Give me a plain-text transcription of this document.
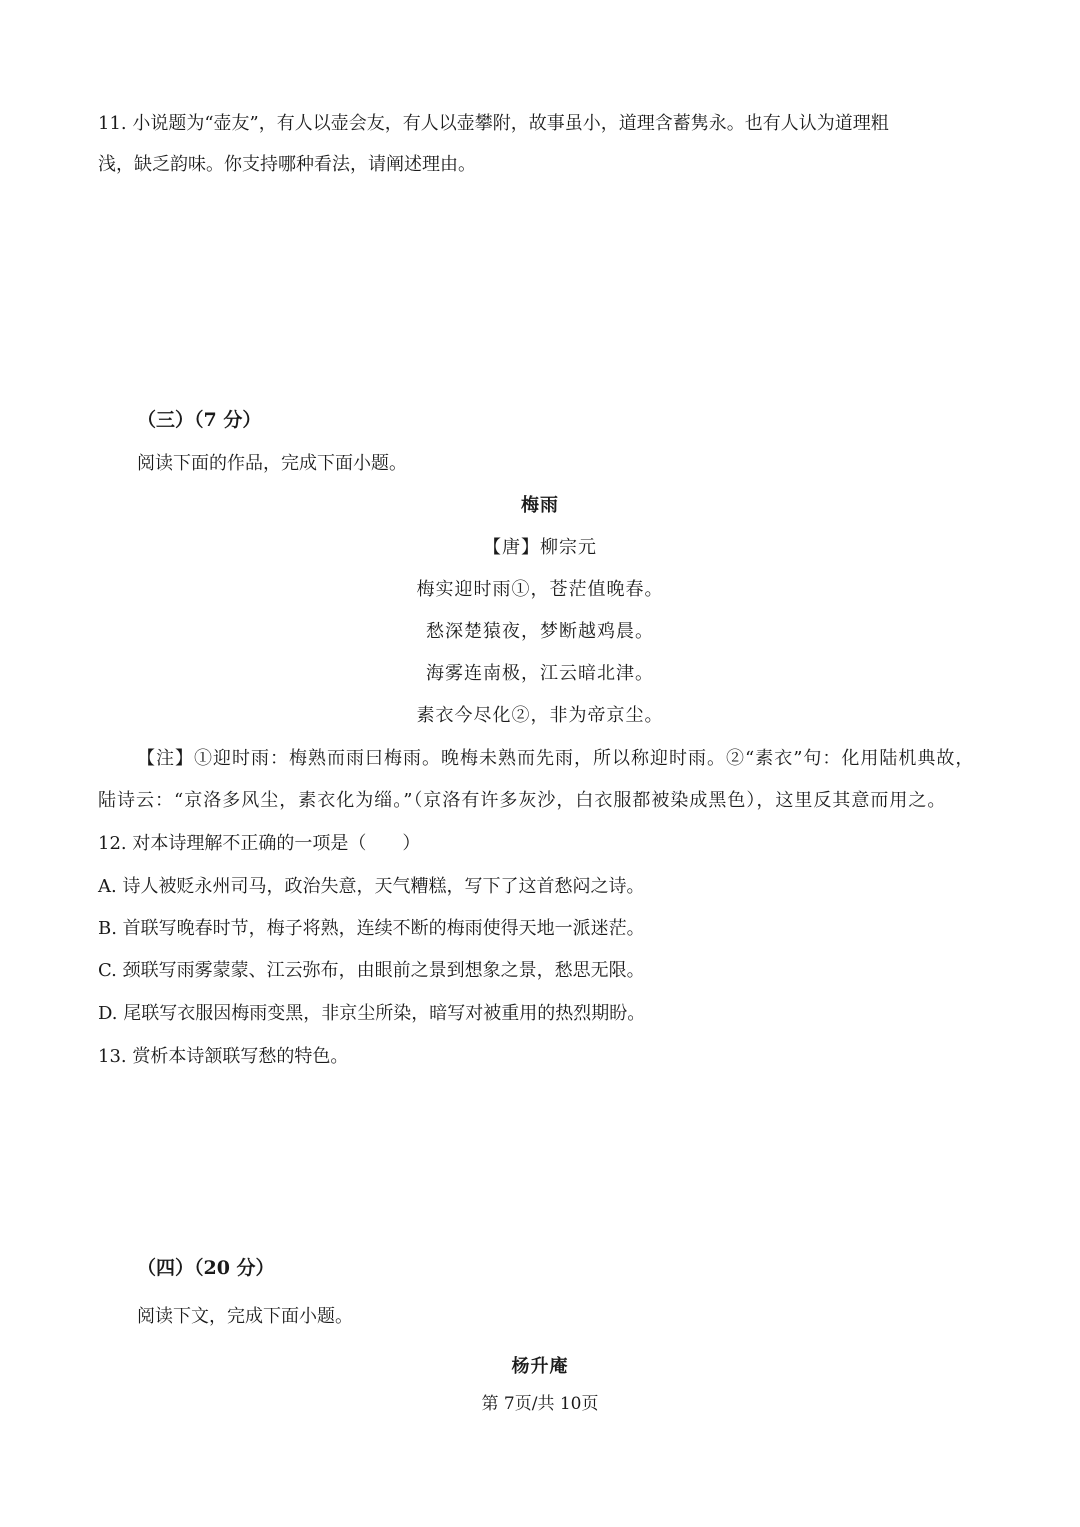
11. 小说题为“壶友”，有人以壶会友，有人以壶攀附，故事虽小，道理含蓄隽永。也有人认为道理粗
浅，缺乏韵味。你支持哪种看法，请阐述理由。
（三）（7 分）
阅读下面的作品，完成下面小题。
梅雨
【唐】柳宗元
梅实迎时雨①，苍茫值晚春。
愁深楚猿夜，梦断越鸡晨。
海雾连南极，江云暗北津。
素衣今尽化②，非为帝京尘。
【注】①迎时雨：梅熟而雨曰梅雨。晚梅未熟而先雨，所以称迎时雨。②“素衣”句：化用陆机典故，
陆诗云：“京洛多风尘，素衣化为缁。”（京洛有许多灰沙，白衣服都被染成黑色），这里反其意而用之。
12. 对本诗理解不正确的一项是（　　）
A. 诗人被贬永州司马，政治失意，天气糟糕，写下了这首愁闷之诗。
B. 首联写晚春时节，梅子将熟，连续不断的梅雨使得天地一派迷茫。
C. 颈联写雨雾蒙蒙、江云弥布，由眼前之景到想象之景，愁思无限。
D. 尾联写衣服因梅雨变黑，非京尘所染，暗写对被重用的热烈期盼。
13. 赏析本诗颔联写愁的特色。
（四）（20 分）
阅读下文，完成下面小题。
杨升庵
第 7页/共 10页
